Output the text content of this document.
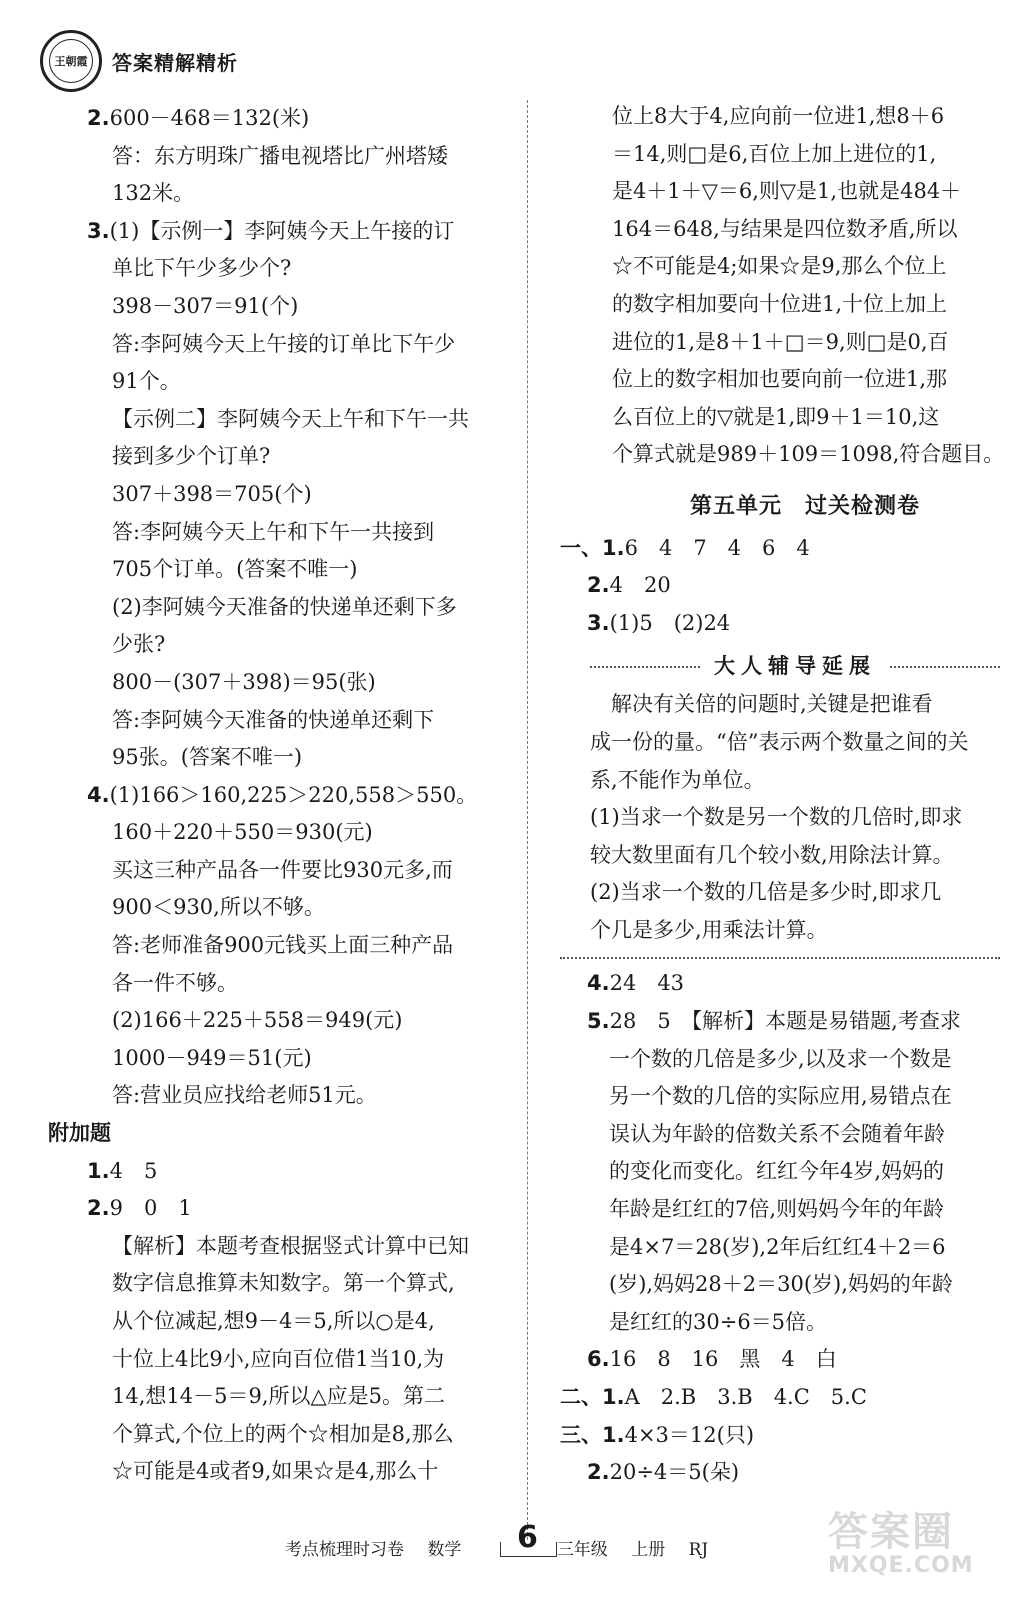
王朝霞 答案精解精析
2.600－468＝132(米)
答：东方明珠广播电视塔比广州塔矮
132米。
3.(1)【示例一】李阿姨今天上午接的订
单比下午少多少个?
398－307＝91(个)
答:李阿姨今天上午接的订单比下午少
91个。
【示例二】李阿姨今天上午和下午一共
接到多少个订单?
307＋398＝705(个)
答:李阿姨今天上午和下午一共接到
705个订单。(答案不唯一)
(2)李阿姨今天准备的快递单还剩下多
少张?
800－(307＋398)＝95(张)
答:李阿姨今天准备的快递单还剩下
95张。(答案不唯一)
4.(1)166＞160,225＞220,558＞550。
160＋220＋550＝930(元)
买这三种产品各一件要比930元多,而
900＜930,所以不够。
答:老师准备900元钱买上面三种产品
各一件不够。
(2)166＋225＋558＝949(元)
1000－949＝51(元)
答:营业员应找给老师51元。
附加题
1.4　5
2.9　0　1
【解析】本题考查根据竖式计算中已知
数字信息推算未知数字。第一个算式,
从个位减起,想9－4＝5,所以○是4,
十位上4比9小,应向百位借1当10,为
14,想14－5＝9,所以△应是5。第二
个算式,个位上的两个☆相加是8,那么
☆可能是4或者9,如果☆是4,那么十
位上8大于4,应向前一位进1,想8＋6
＝14,则□是6,百位上加上进位的1,
是4＋1＋▽＝6,则▽是1,也就是484＋
164＝648,与结果是四位数矛盾,所以
☆不可能是4;如果☆是9,那么个位上
的数字相加要向十位进1,十位上加上
进位的1,是8＋1＋□＝9,则□是0,百
位上的数字相加也要向前一位进1,那
么百位上的▽就是1,即9＋1＝10,这
个算式就是989＋109＝1098,符合题目。
第五单元　过关检测卷
一、1.6　4　7　4　6　4
2.4　20
3.(1)5　(2)24
大人辅导延展
　解决有关倍的问题时,关键是把谁看
成一份的量。“倍”表示两个数量之间的关
系,不能作为单位。
(1)当求一个数是另一个数的几倍时,即求
较大数里面有几个较小数,用除法计算。
(2)当求一个数的几倍是多少时,即求几
个几是多少,用乘法计算。
4.24　43
5.28　5　【解析】本题是易错题,考查求
一个数的几倍是多少,以及求一个数是
另一个数的几倍的实际应用,易错点在
误认为年龄的倍数关系不会随着年龄
的变化而变化。红红今年4岁,妈妈的
年龄是红红的7倍,则妈妈今年的年龄
是4×7＝28(岁),2年后红红4＋2＝6
(岁),妈妈28＋2＝30(岁),妈妈的年龄
是红红的30÷6＝5倍。
6.16　8　16　黑　4　白
二、1.A　2.B　3.B　4.C　5.C
三、1.4×3＝12(只)
2.20÷4＝5(朵)
考点梳理时习卷 数学	三年级 上册 RJ
6	答案圈
MXQE.COM
